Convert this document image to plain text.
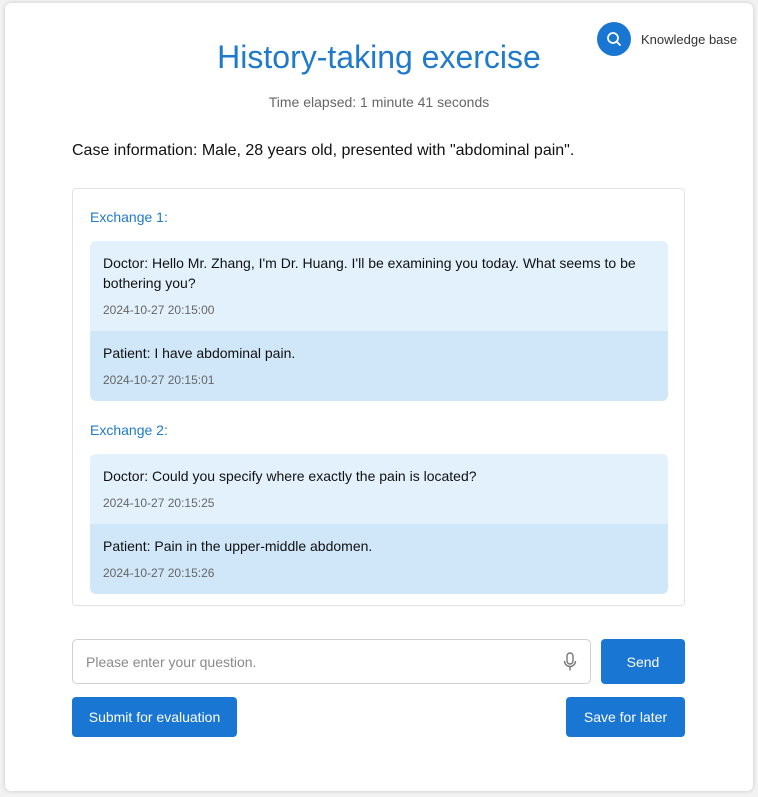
Knowledge base
History-taking exercise
Time elapsed: 1 minute 41 seconds
Case information: Male, 28 years old, presented with "abdominal pain".
Exchange 1:
Doctor: Hello Mr. Zhang, I'm Dr. Huang. I'll be examining you today. What seems to be bothering you?
2024-10-27 20:15:00
Patient: I have abdominal pain.
2024-10-27 20:15:01
Exchange 2:
Doctor: Could you specify where exactly the pain is located?
2024-10-27 20:15:25
Patient: Pain in the upper-middle abdomen.
2024-10-27 20:15:26
Please enter your question.
Send
Submit for evaluation	Save for later
